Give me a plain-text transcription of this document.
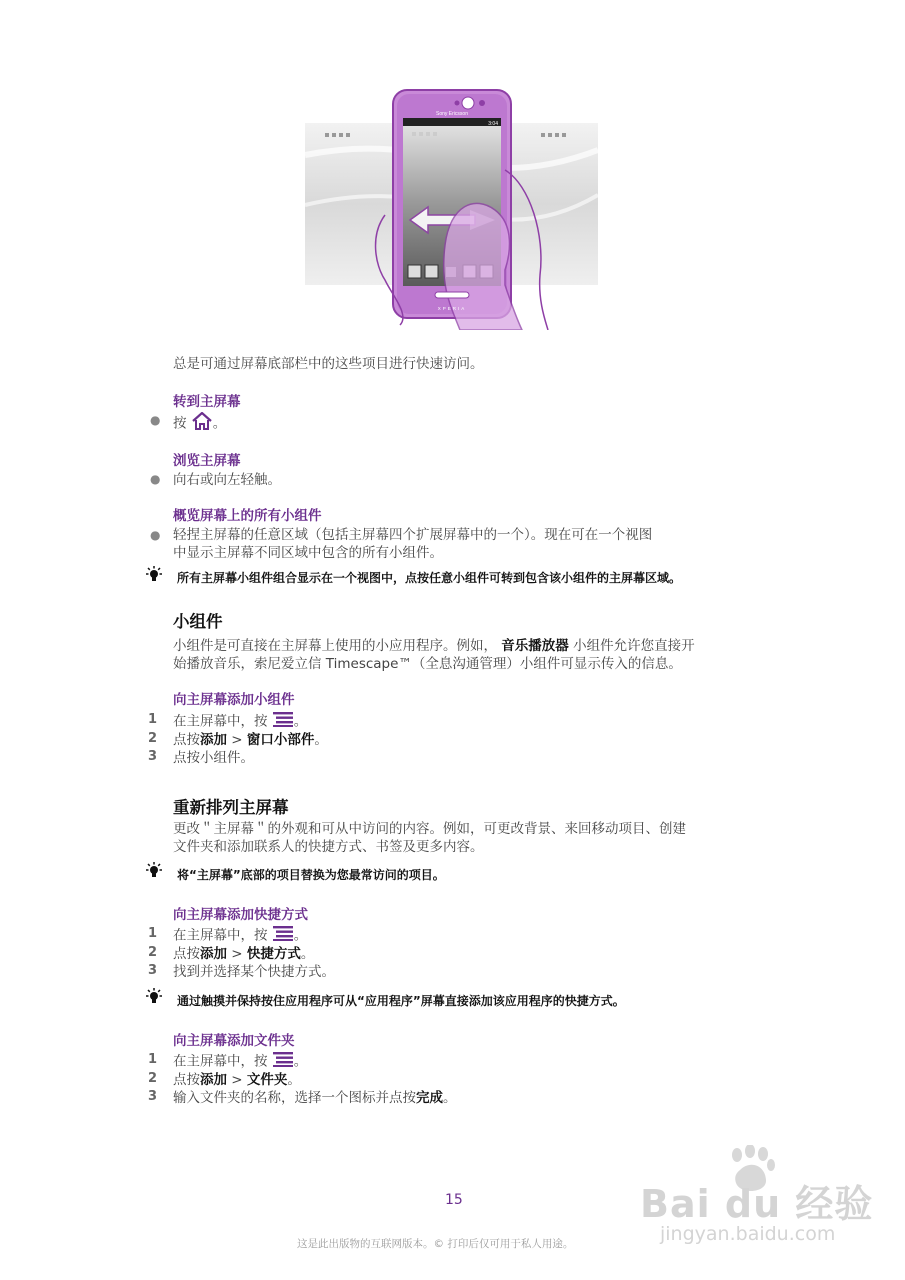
Sony Ericsson
3:04
XPERIA
总是可通过屏幕底部栏中的这些项目进行快速访问。
转到主屏幕
● 按 。
浏览主屏幕
● 向右或向左轻触。
概览屏幕上的所有小组件
● 轻捏主屏幕的任意区域（包括主屏幕四个扩展屏幕中的一个）。现在可在一个视图
中显示主屏幕不同区域中包含的所有小组件。
所有主屏幕小组件组合显示在一个视图中，点按任意小组件可转到包含该小组件的主屏幕区域。
小组件
小组件是可直接在主屏幕上使用的小应用程序。例如， 音乐播放器 小组件允许您直接开
始播放音乐，索尼爱立信 Timescape™（全息沟通管理）小组件可显示传入的信息。
向主屏幕添加小组件
1 在主屏幕中，按 。
2 点按添加 > 窗口小部件。
3 点按小组件。
重新排列主屏幕
更改＂主屏幕＂的外观和可从中访问的内容。例如，可更改背景、来回移动项目、创建
文件夹和添加联系人的快捷方式、书签及更多内容。
将“主屏幕”底部的项目替换为您最常访问的项目。
向主屏幕添加快捷方式
1 在主屏幕中，按 。
2 点按添加 > 快捷方式。
3 找到并选择某个快捷方式。
通过触摸并保持按住应用程序可从“应用程序”屏幕直接添加该应用程序的快捷方式。
向主屏幕添加文件夹
1 在主屏幕中，按 。
2 点按添加 > 文件夹。
3 输入文件夹的名称，选择一个图标并点按完成。
15
这是此出版物的互联网版本。© 打印后仅可用于私人用途。
Bai du 经验
jingyan.baidu.com
